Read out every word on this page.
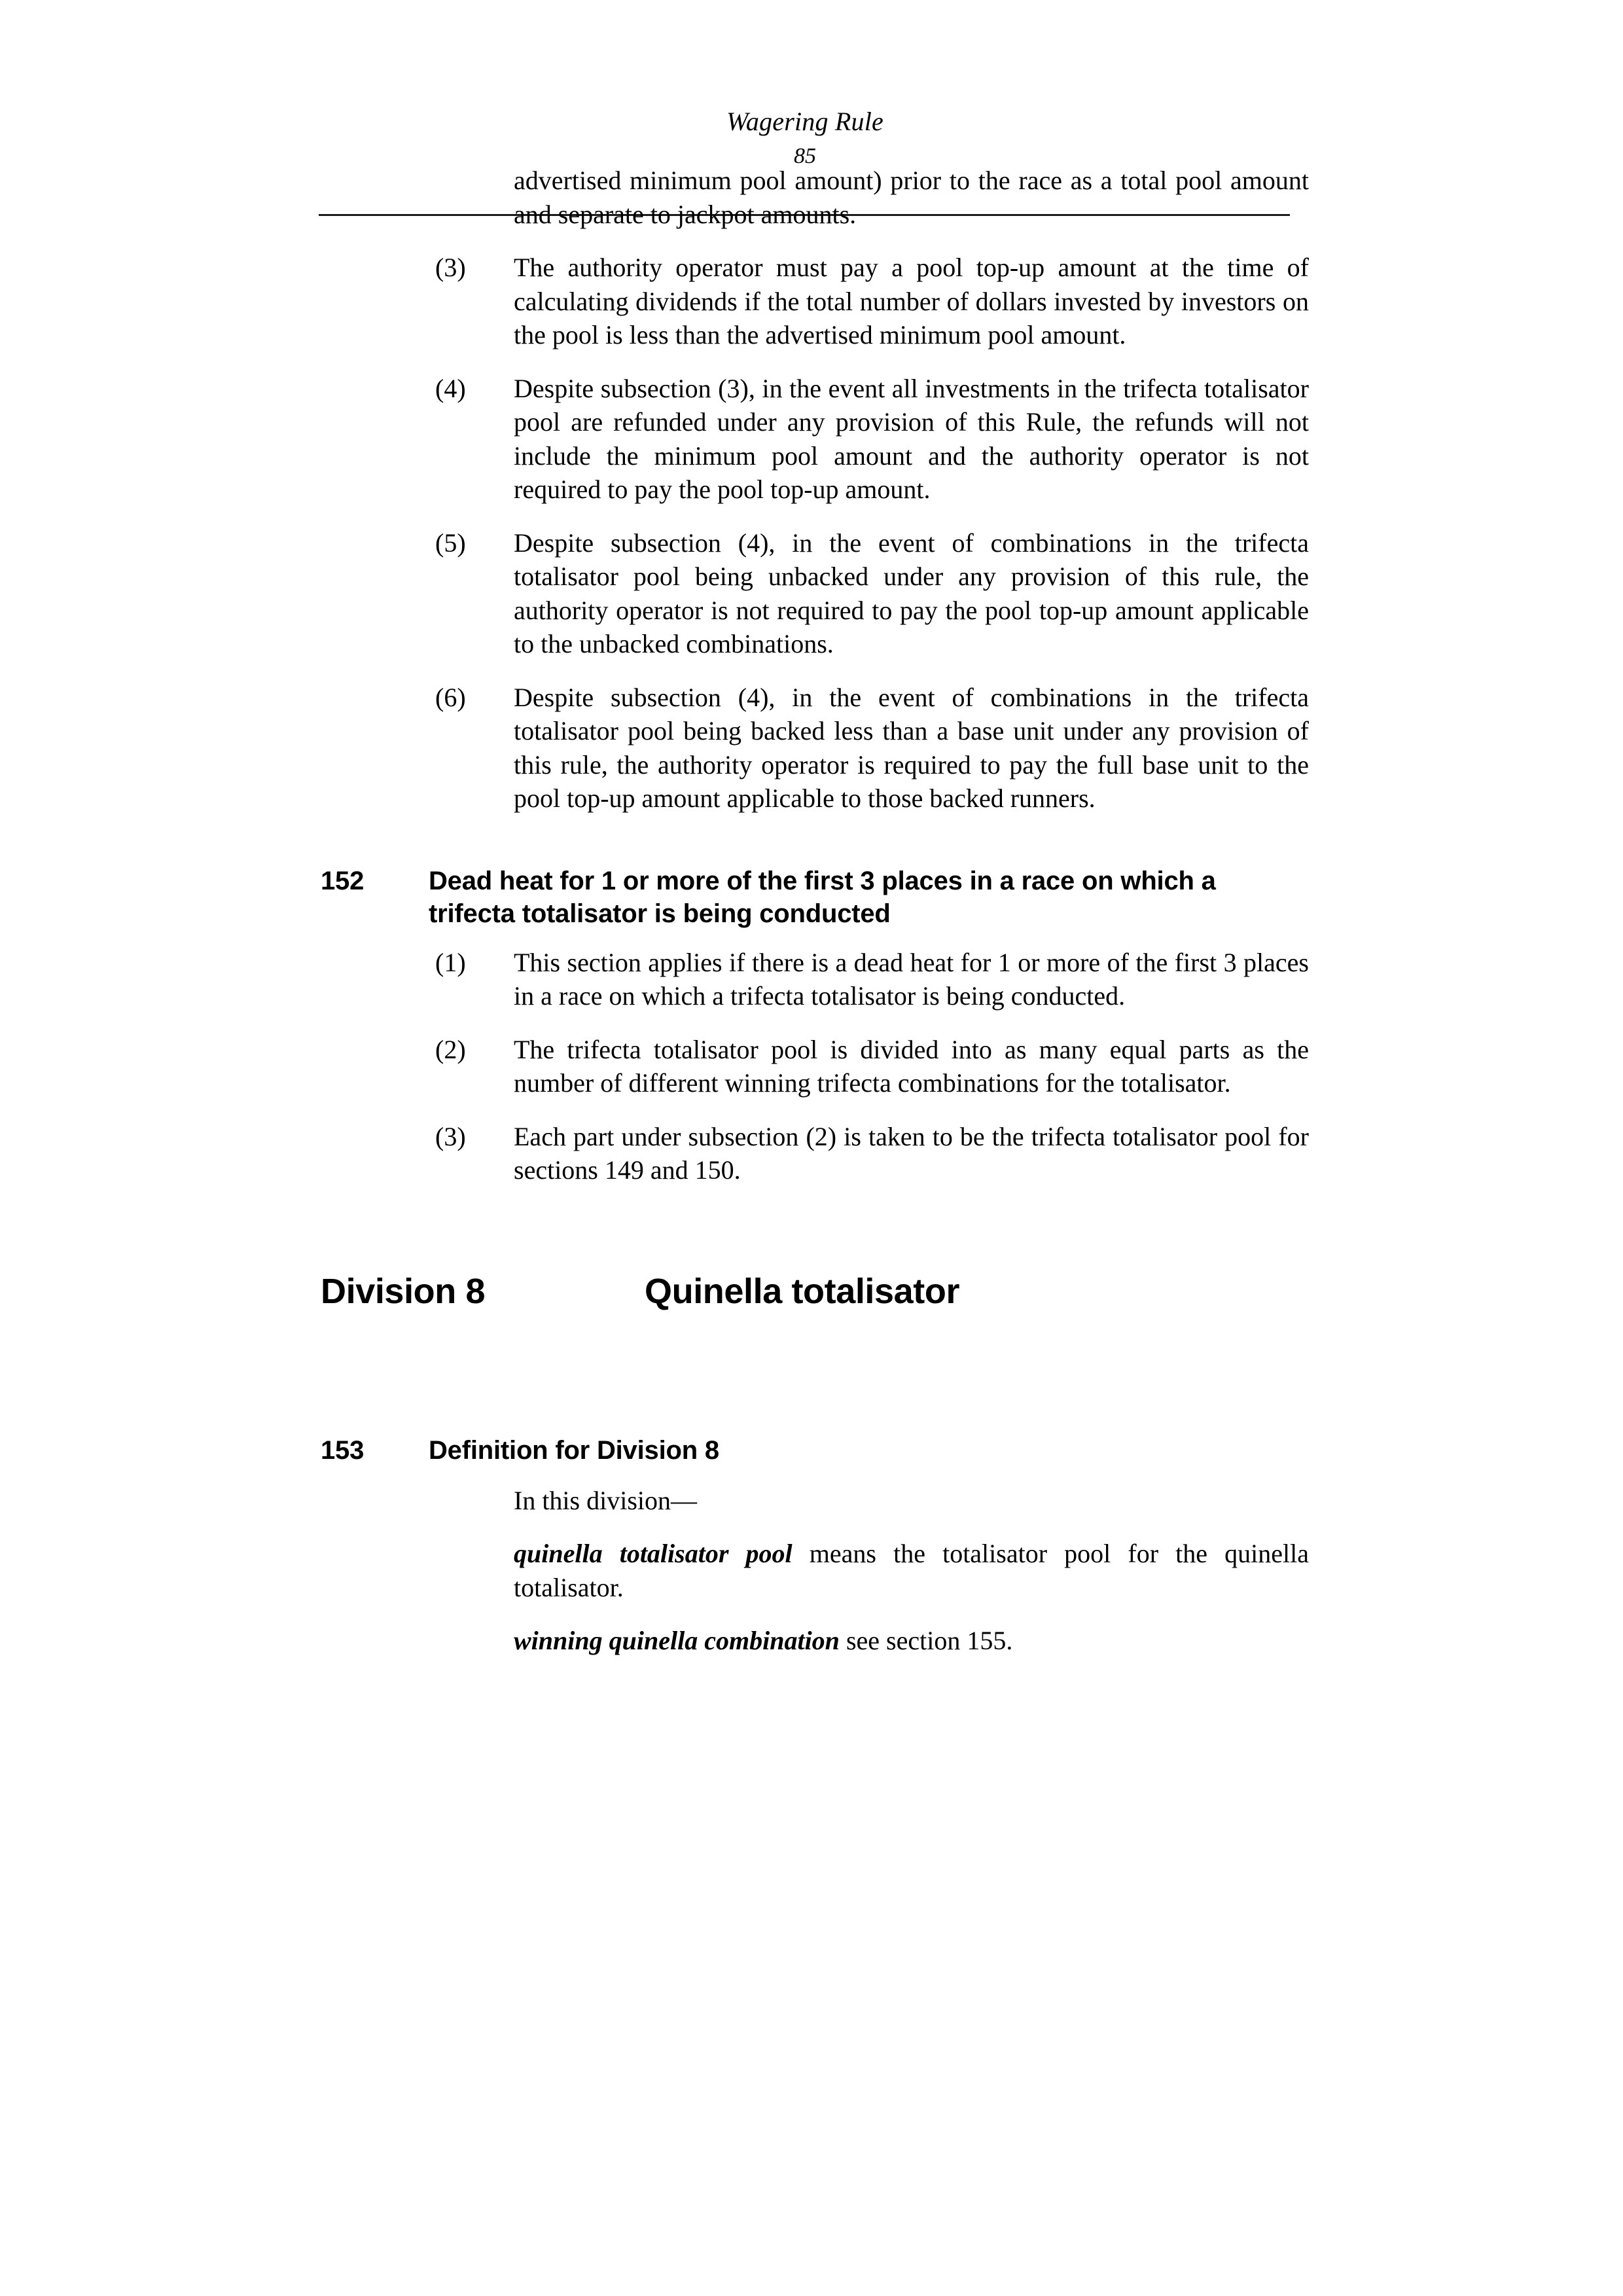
Wagering Rule
85
advertised minimum pool amount) prior to the race as a total pool amount and separate to jackpot amounts.
(3)	The authority operator must pay a pool top-up amount at the time of calculating dividends if the total number of dollars invested by investors on the pool is less than the advertised minimum pool amount.
(4)	Despite subsection (3), in the event all investments in the trifecta totalisator pool are refunded under any provision of this Rule, the refunds will not include the minimum pool amount and the authority operator is not required to pay the pool top-up amount.
(5)	Despite subsection (4), in the event of combinations in the trifecta totalisator pool being unbacked under any provision of this rule, the authority operator is not required to pay the pool top-up amount applicable to the unbacked combinations.
(6)	Despite subsection (4), in the event of combinations in the trifecta totalisator pool being backed less than a base unit under any provision of this rule, the authority operator is required to pay the full base unit to the pool top-up amount applicable to those backed runners.
152 Dead heat for 1 or more of the first 3 places in a race on which a trifecta totalisator is being conducted
(1)	This section applies if there is a dead heat for 1 or more of the first 3 places in a race on which a trifecta totalisator is being conducted.
(2)	The trifecta totalisator pool is divided into as many equal parts as the number of different winning trifecta combinations for the totalisator.
(3)	Each part under subsection (2) is taken to be the trifecta totalisator pool for sections 149 and 150.
Division 8	Quinella totalisator
153 Definition for Division 8
In this division—
quinella totalisator pool means the totalisator pool for the quinella totalisator.
winning quinella combination see section 155.
